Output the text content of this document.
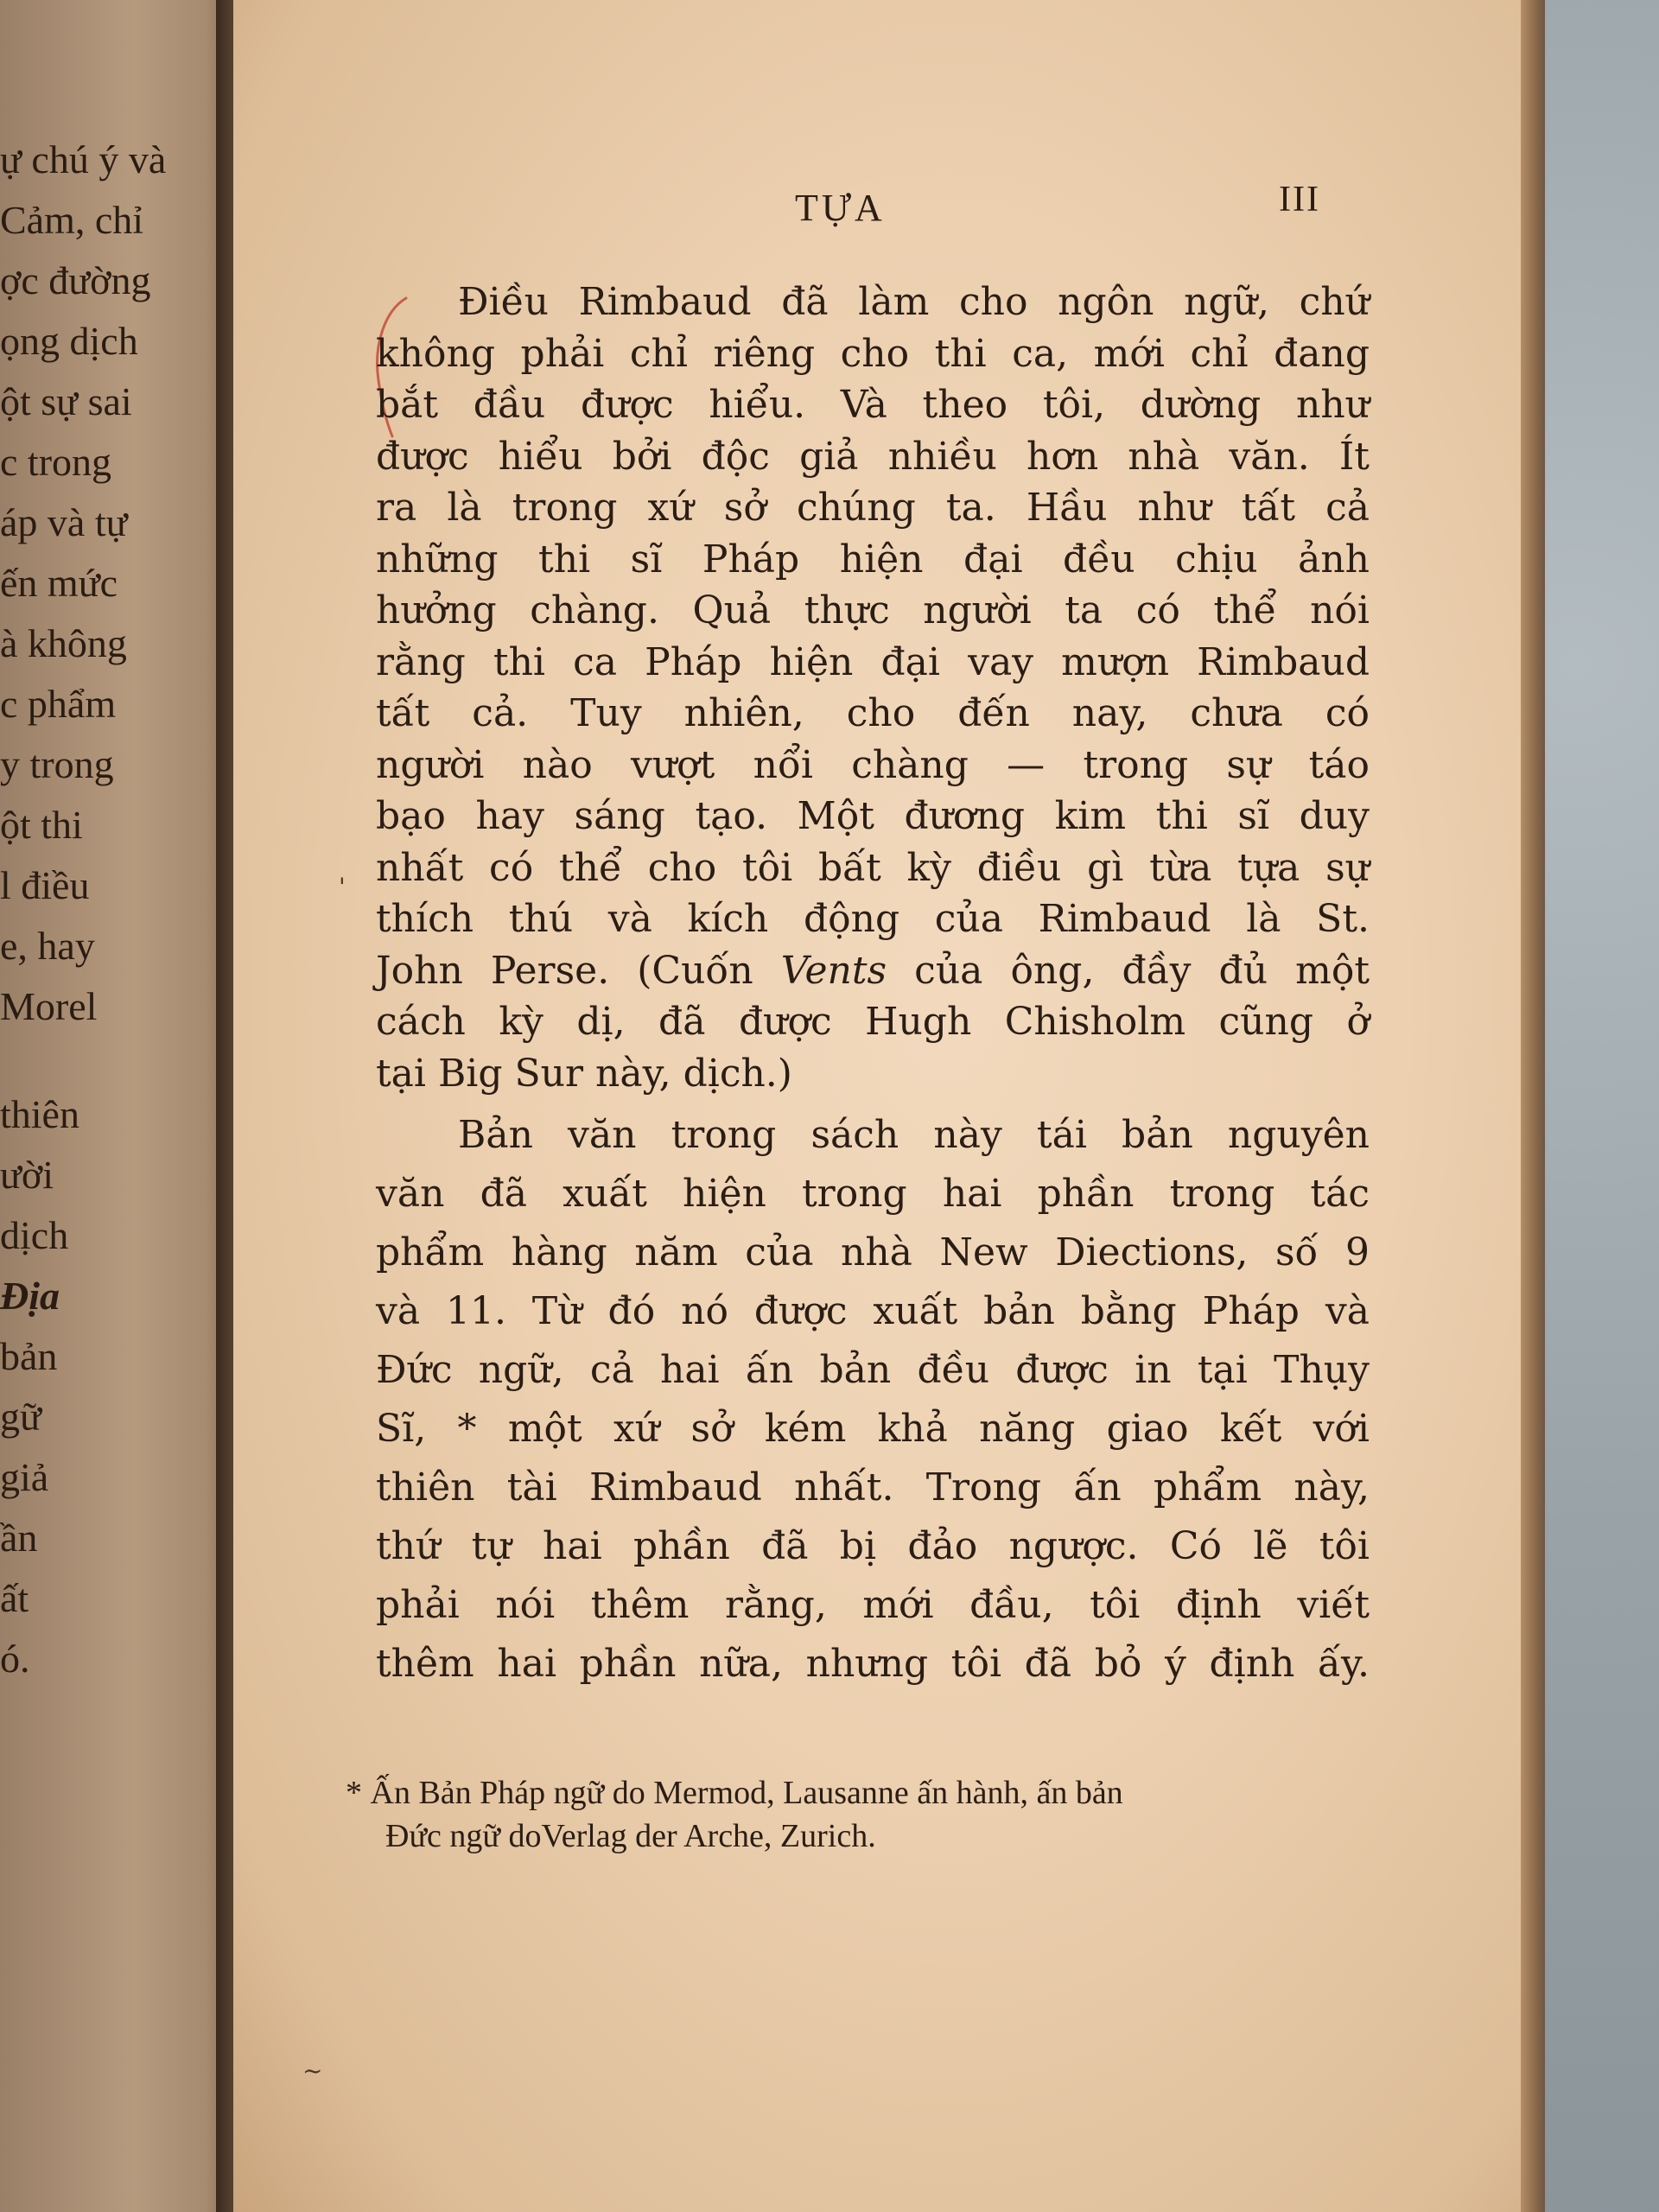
ự chú ý và
Cảm, chỉ
ợc đường
ọng dịch
ột sự sai
c trong
áp và tự
ến mức
à không
c phẩm
y trong
ột thi
l điều
e, hay
Morel
thiên
ười
dịch
Địa
bản
gữ
giả
ần
ất
ó.
TỰA	III
Điều Rimbaud đã làm cho ngôn ngữ, chứ
không phải chỉ riêng cho thi ca, mới chỉ đang
bắt đầu được hiểu. Và theo tôi, dường như
được hiểu bởi độc giả nhiều hơn nhà văn. Ít
ra là trong xứ sở chúng ta. Hầu như tất cả
những thi sĩ Pháp hiện đại đều chịu ảnh
hưởng chàng. Quả thực người ta có thể nói
rằng thi ca Pháp hiện đại vay mượn Rimbaud
tất cả. Tuy nhiên, cho đến nay, chưa có
người nào vượt nổi chàng — trong sự táo
bạo hay sáng tạo. Một đương kim thi sĩ duy
nhất có thể cho tôi bất kỳ điều gì từa tựa sự
thích thú và kích động của Rimbaud là St.
John Perse. (Cuốn Vents của ông, đầy đủ một
cách kỳ dị, đã được Hugh Chisholm cũng ở
tại Big Sur này, dịch.)
Bản văn trong sách này tái bản nguyên
văn đã xuất hiện trong hai phần trong tác
phẩm hàng năm của nhà New Diections, số 9
và 11. Từ đó nó được xuất bản bằng Pháp và
Đức ngữ, cả hai ấn bản đều được in tại Thụy
Sĩ, * một xứ sở kém khả năng giao kết với
thiên tài Rimbaud nhất. Trong ấn phẩm này,
thứ tự hai phần đã bị đảo ngược. Có lẽ tôi
phải nói thêm rằng, mới đầu, tôi định viết
thêm hai phần nữa, nhưng tôi đã bỏ ý định ấy.
* Ấn Bản Pháp ngữ do Mermod, Lausanne ấn hành, ấn bản
Đức ngữ doVerlag der Arche, Zurich.
'
~
